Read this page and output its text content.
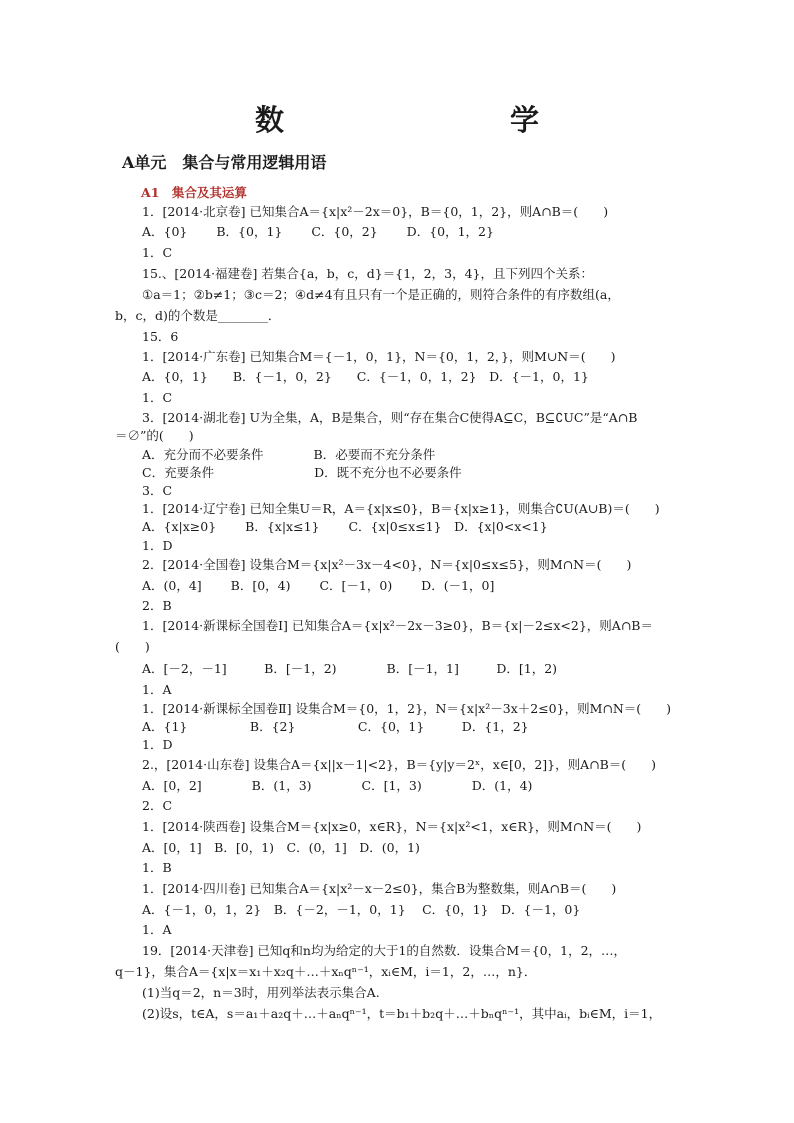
数　　学
A单元　集合与常用逻辑用语
A1　集合及其运算
1．[2014·北京卷] 已知集合A＝{x|x²－2x＝0}，B＝{0，1，2}，则A∩B＝(　　)
A．{0}　　 B．{0，1}　　 C．{0，2}　　 D．{0，1，2}
1．C
15.、[2014·福建卷] 若集合{a，b，c，d}＝{1，2，3，4}，且下列四个关系：
①a＝1；②b≠1；③c＝2；④d≠4有且只有一个是正确的，则符合条件的有序数组(a，
b，c，d)的个数是________．
15．6
1．[2014·广东卷] 已知集合M＝{－1，0，1}，N＝{0，1，2，}，则M∪N＝(　　)
A．{0，1}　　B．{－1，0，2}　　C．{－1，0，1，2}　D．{－1，0，1}
1．C
3．[2014·湖北卷] U为全集，A，B是集合，则“存在集合C使得A⊆C，B⊆∁UC”是“A∩B
＝∅”的(　　)
A．充分而不必要条件　　　　B．必要而不充分条件
C．充要条件　　　　　　　　D．既不充分也不必要条件
3．C
1．[2014·辽宁卷] 已知全集U＝R，A＝{x|x≤0}，B＝{x|x≥1}，则集合∁U(A∪B)＝(　　)
A．{x|x≥0}　　 B．{x|x≤1}　　 C．{x|0≤x≤1}　D．{x|0<x<1}
1．D
2．[2014·全国卷] 设集合M＝{x|x²－3x－4<0}，N＝{x|0≤x≤5}，则M∩N＝(　　)
A．(0，4]　　 B．[0，4)　　 C．[－1，0)　　 D．(－1，0]
2．B
1．[2014·新课标全国卷Ⅰ] 已知集合A＝{x|x²－2x－3≥0}，B＝{x|－2≤x<2}，则A∩B＝
(　　)
A．[－2，－1]　　　B．[－1，2)　　　　B．[－1，1]　　　D．[1，2)
1．A
1．[2014·新课标全国卷Ⅱ] 设集合M＝{0，1，2}，N＝{x|x²－3x＋2≤0}，则M∩N＝(　　)
A．{1}　　　　　B．{2}　　　　　C．{0，1}　　　D．{1，2}
1．D
2.，[2014·山东卷] 设集合A＝{x||x－1|<2}，B＝{y|y＝2ˣ，x∈[0，2]}，则A∩B＝(　　)
A．[0，2]　　　　B．(1，3)　　　　C．[1，3)　　　　D．(1，4)
2．C
1．[2014·陕西卷] 设集合M＝{x|x≥0，x∈R}，N＝{x|x²<1，x∈R}，则M∩N＝(　　)
A．[0，1]　B．[0，1)　C．(0，1]　D．(0，1)
1．B
1．[2014·四川卷] 已知集合A＝{x|x²－x－2≤0}，集合B为整数集，则A∩B＝(　　)
A．{－1，0，1，2}　B．{－2，－1，0，1}　 C．{0，1}　D．{－1，0}
1．A
19．[2014·天津卷] 已知q和n均为给定的大于1的自然数．设集合M＝{0，1，2，…，
q－1}，集合A＝{x|x＝x₁＋x₂q＋…＋xₙqⁿ⁻¹，xᵢ∈M，i＝1，2，…，n}．
(1)当q＝2，n＝3时，用列举法表示集合A.
(2)设s，t∈A，s＝a₁＋a₂q＋…＋aₙqⁿ⁻¹，t＝b₁＋b₂q＋…＋bₙqⁿ⁻¹，其中aᵢ，bᵢ∈M，i＝1，
